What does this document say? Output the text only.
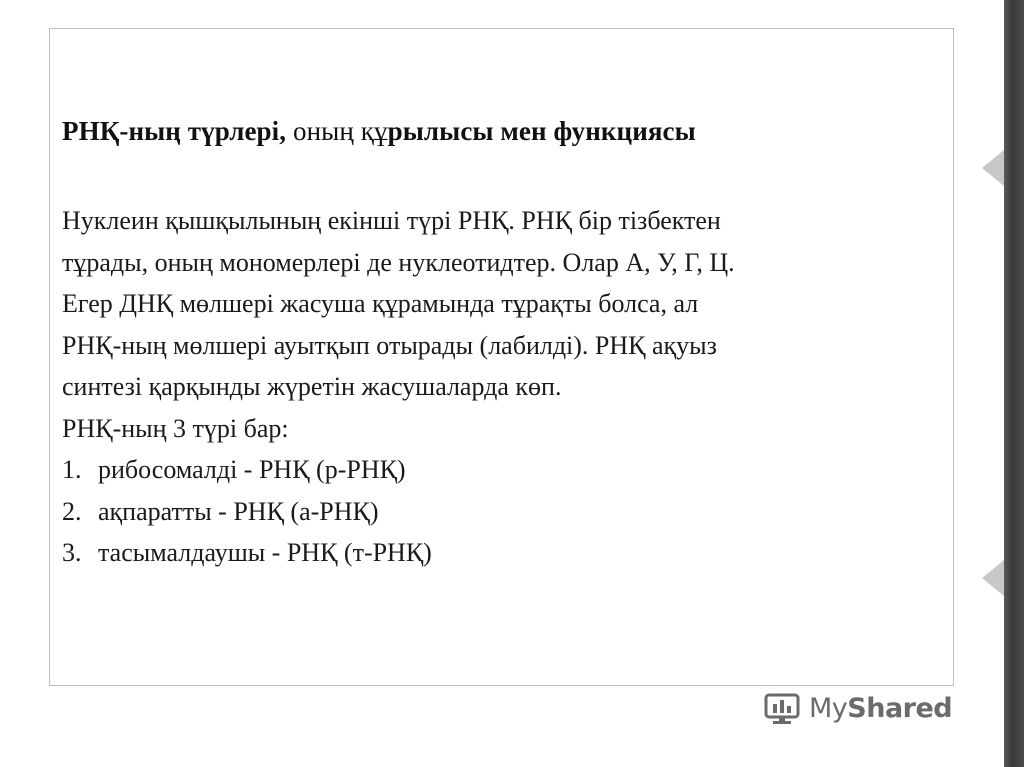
РНҚ-ның түрлері, оның құрылысы мен функциясы
Нуклеин қышқылының екінші түрі РНҚ. РНҚ бір тізбектен
тұрады, оның мономерлері де нуклеотидтер. Олар А, У, Г, Ц.
Егер ДНҚ мөлшері жасуша құрамында тұрақты болса, ал
РНҚ-ның мөлшері ауытқып отырады (лабилді). РНҚ ақуыз
синтезі қарқынды жүретін жасушаларда көп.
РНҚ-ның 3 түрі бар:
1. рибосомалді - РНҚ (р-РНҚ)
2. ақпаратты - РНҚ (а-РНҚ)
3. тасымалдаушы - РНҚ (т-РНҚ)
MyShared
